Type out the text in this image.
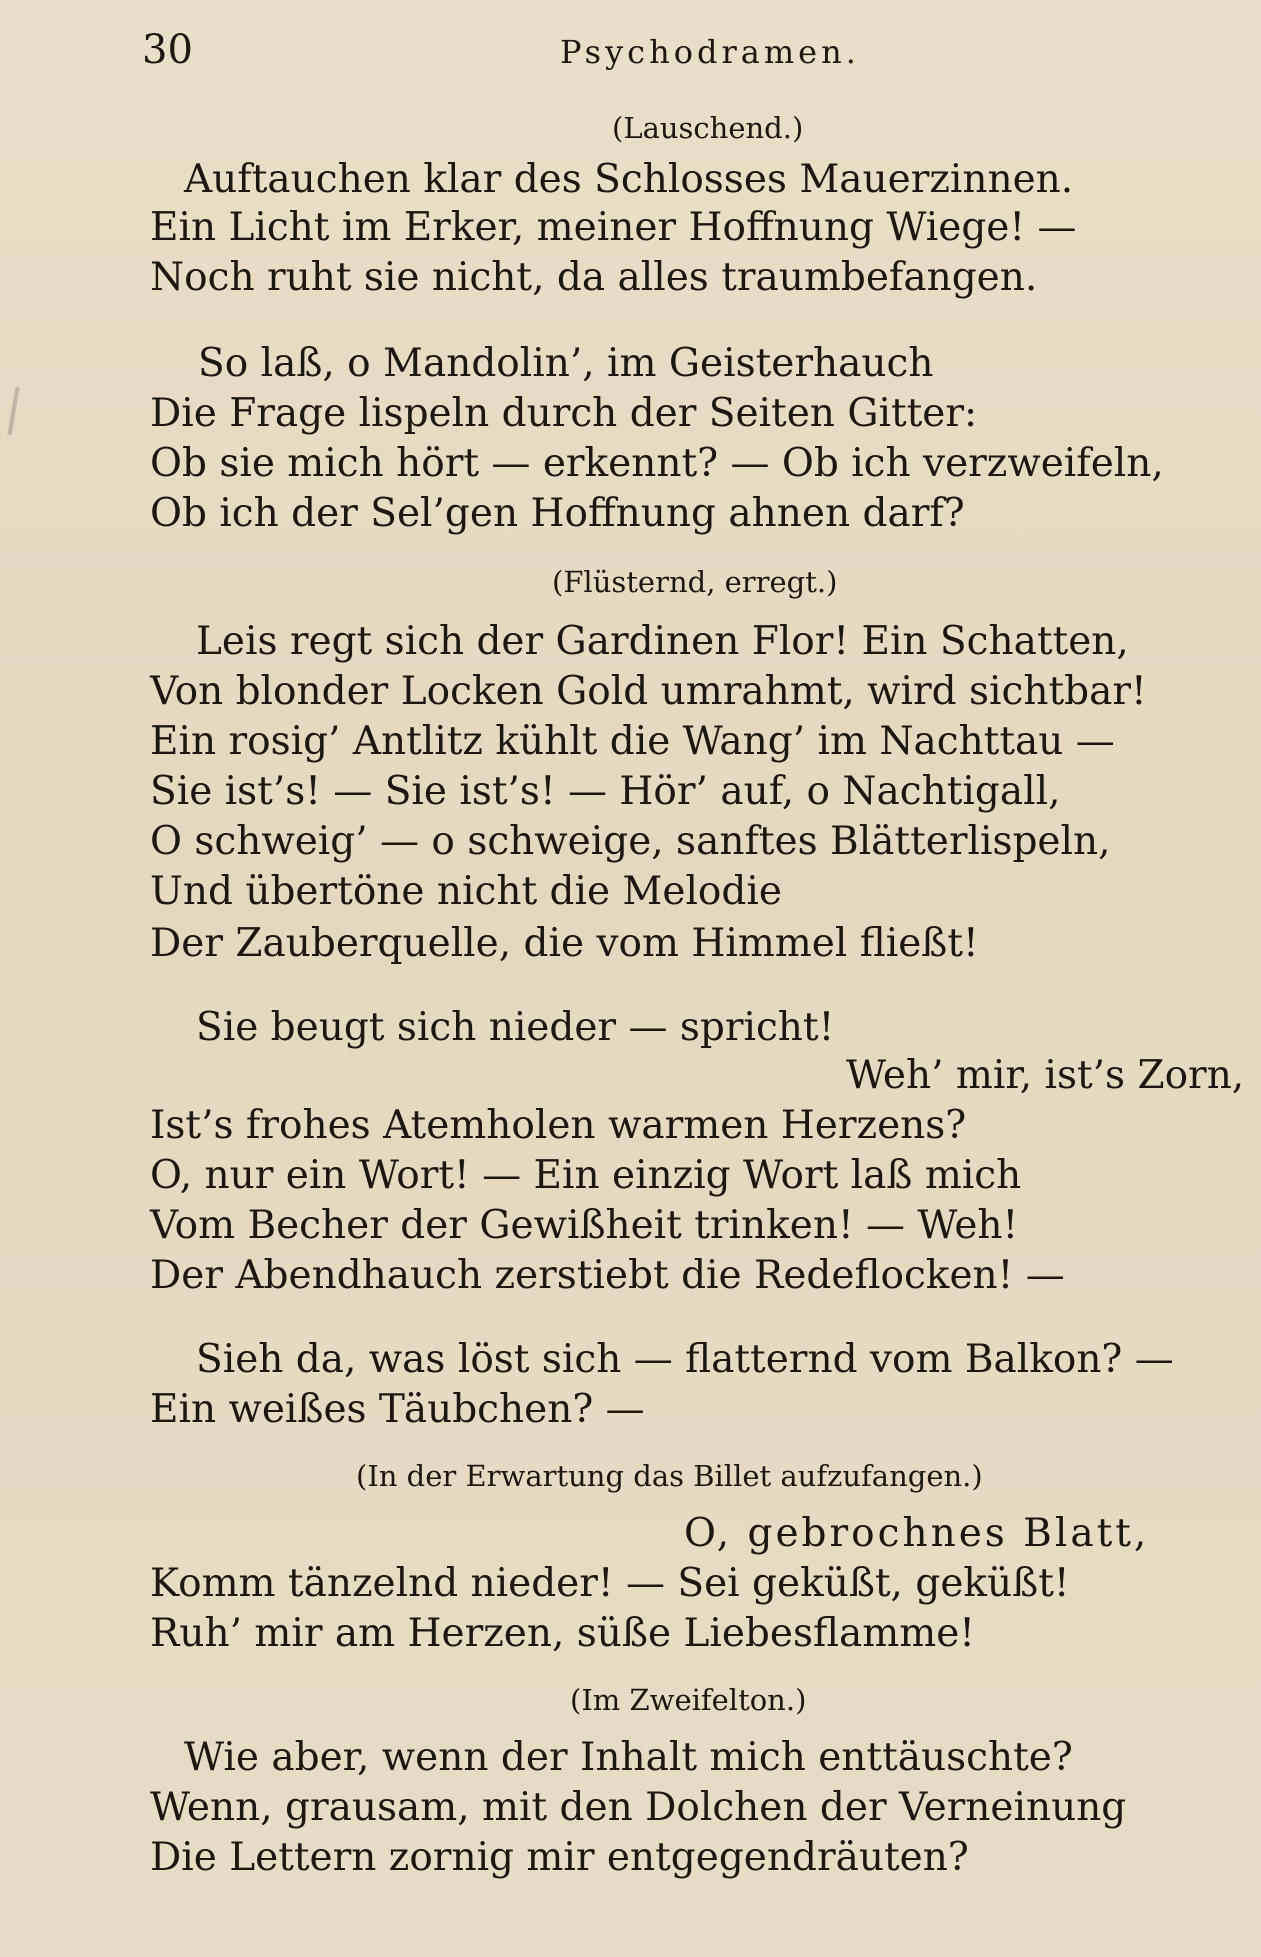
/
30	Psychodramen.
(Lauschend.)
Auftauchen klar des Schlosses Mauerzinnen.
Ein Licht im Erker, meiner Hoffnung Wiege! —
Noch ruht sie nicht, da alles traumbefangen.
So laß, o Mandolin’, im Geisterhauch
Die Frage lispeln durch der Seiten Gitter:
Ob sie mich hört — erkennt? — Ob ich verzweifeln,
Ob ich der Sel’gen Hoffnung ahnen darf?
(Flüsternd, erregt.)
Leis regt sich der Gardinen Flor! Ein Schatten,
Von blonder Locken Gold umrahmt, wird sichtbar!
Ein rosig’ Antlitz kühlt die Wang’ im Nachttau —
Sie ist’s! — Sie ist’s! — Hör’ auf, o Nachtigall,
O schweig’ — o schweige, sanftes Blätterlispeln,
Und übertöne nicht die Melodie
Der Zauberquelle, die vom Himmel fließt!
Sie beugt sich nieder — spricht!
Weh’ mir, ist’s Zorn,
Ist’s frohes Atemholen warmen Herzens?
O, nur ein Wort! — Ein einzig Wort laß mich
Vom Becher der Gewißheit trinken! — Weh!
Der Abendhauch zerstiebt die Redeflocken! —
Sieh da, was löst sich — flatternd vom Balkon? —
Ein weißes Täubchen? —
(In der Erwartung das Billet aufzufangen.)
O, gebrochnes Blatt,
Komm tänzelnd nieder! — Sei geküßt, geküßt!
Ruh’ mir am Herzen, süße Liebesflamme!
(Im Zweifelton.)
Wie aber, wenn der Inhalt mich enttäuschte?
Wenn, grausam, mit den Dolchen der Verneinung
Die Lettern zornig mir entgegendräuten?
